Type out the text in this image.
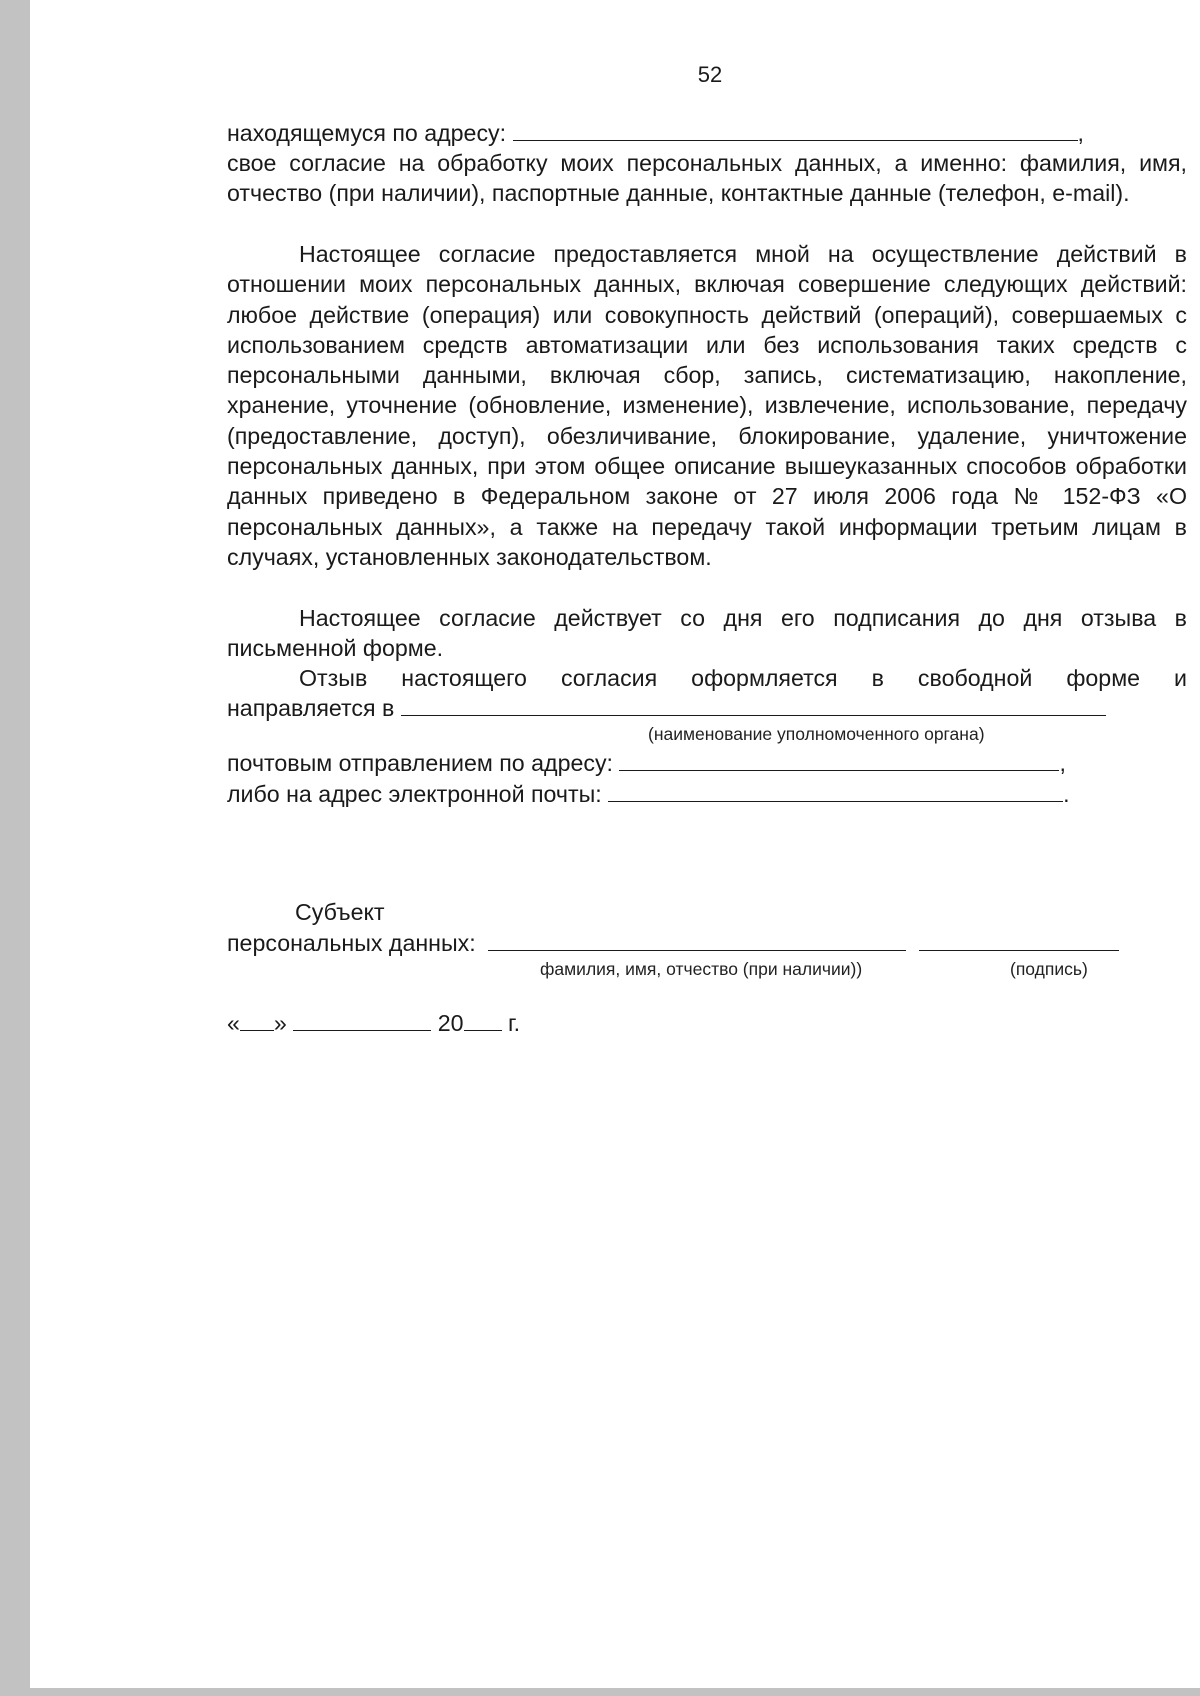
52
находящемуся по адресу:	,
свое согласие на обработку моих персональных данных, а именно: фамилия, имя, отчество (при наличии), паспортные данные, контактные данные (телефон, e-mail).
Настоящее согласие предоставляется мной на осуществление действий в отношении моих персональных данных, включая совершение следующих действий: любое действие (операция) или совокупность действий (операций), совершаемых с использованием средств автоматизации или без использования таких средств с персональными данными, включая сбор, запись, систематизацию, накопление, хранение, уточнение (обновление, изменение), извлечение, использование, передачу (предоставление, доступ), обезличивание, блокирование, удаление, уничтожение персональных данных, при этом общее описание вышеуказанных способов обработки данных приведено в Федеральном законе от 27 июля 2006 года № 152-ФЗ «О персональных данных», а также на передачу такой информации третьим лицам в случаях, установленных законодательством.
Настоящее согласие действует со дня его подписания до дня отзыва в письменной форме.
Отзыв настоящего согласия оформляется в свободной форме и
направляется в
(наименование уполномоченного органа)
почтовым отправлением по адресу:	,
либо на адрес электронной почты:	.
Субъект
персональных данных:
фамилия, имя, отчество (при наличии))	(подпись)
« »	20 г.
